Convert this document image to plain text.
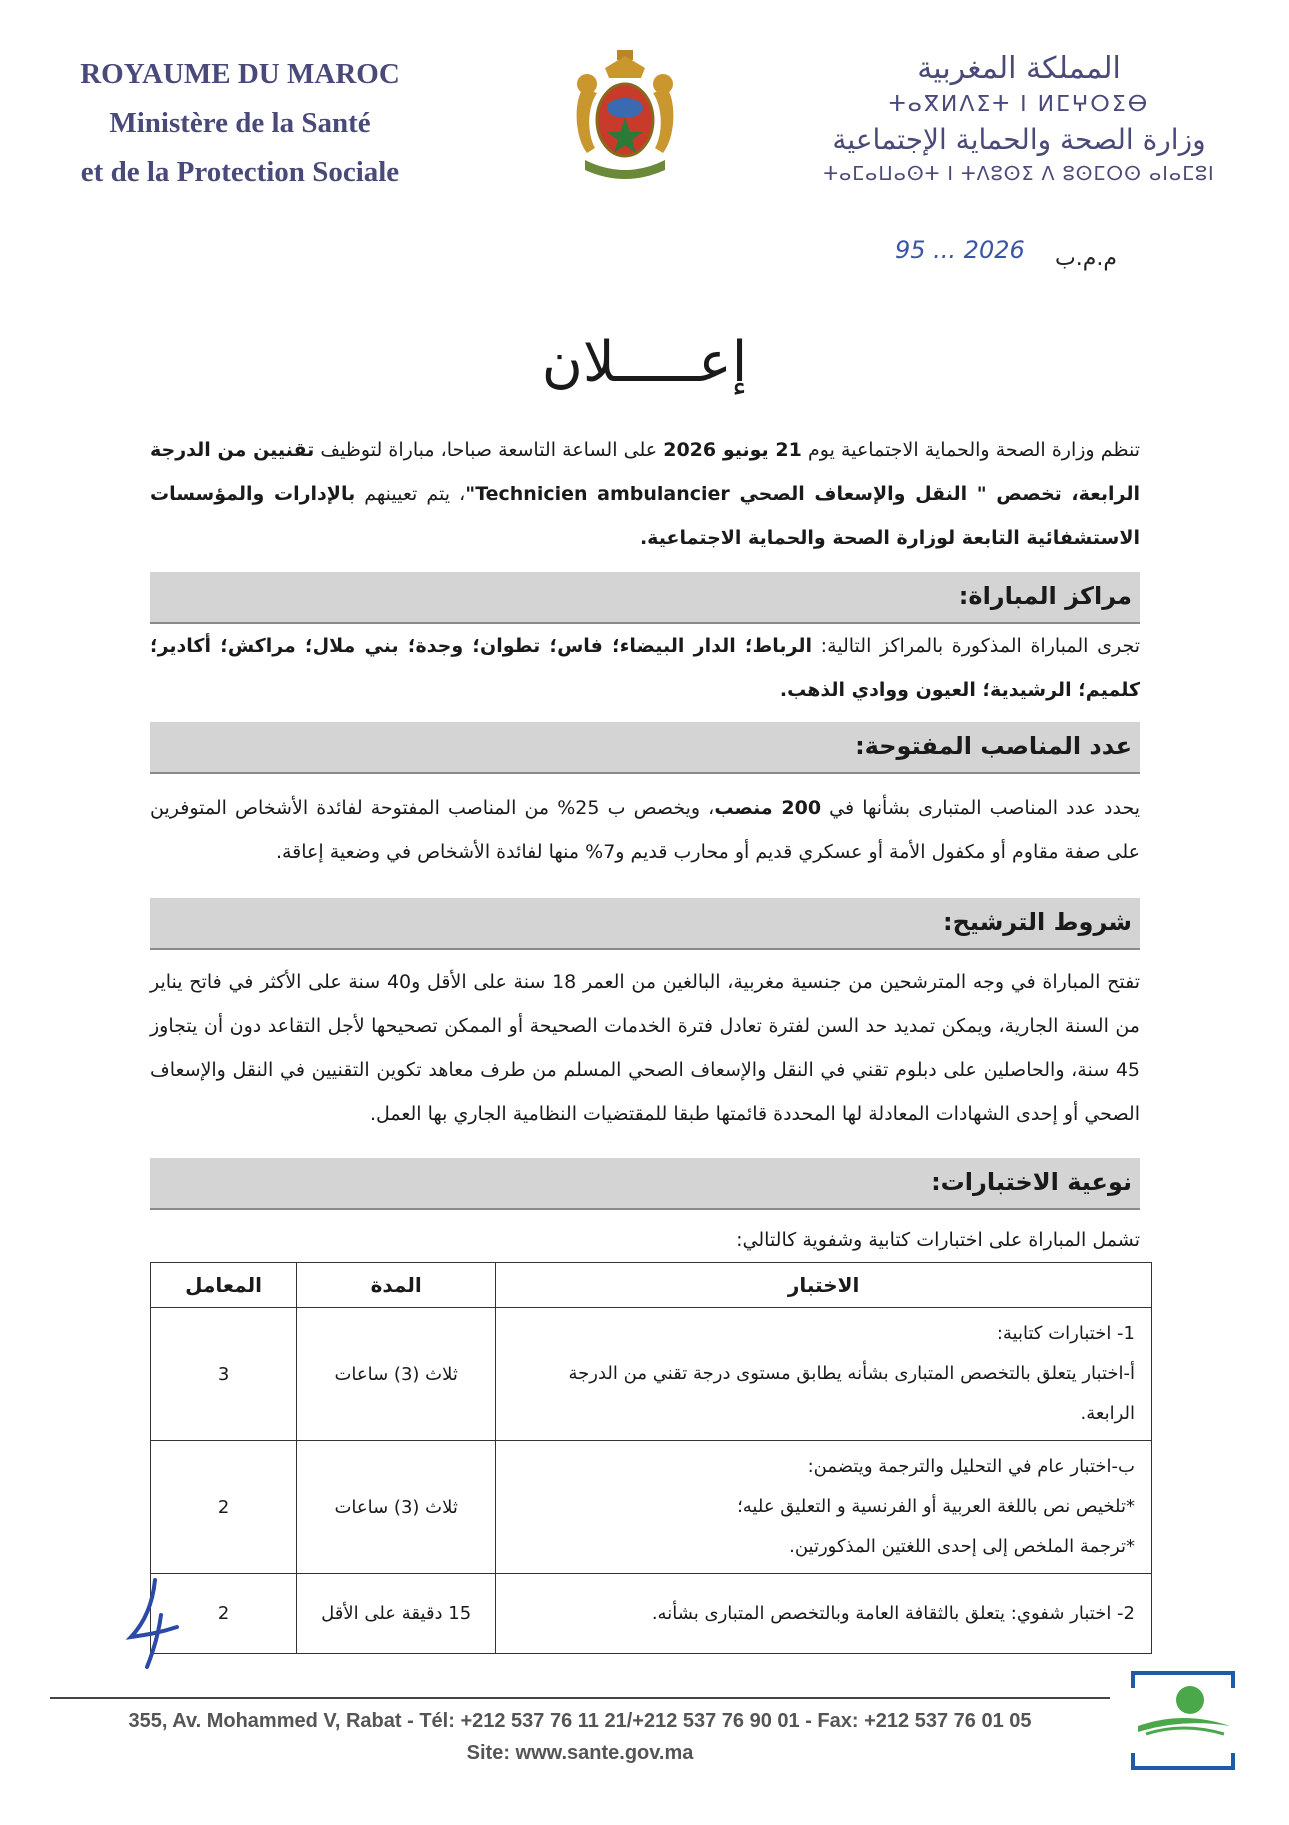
ROYAUME DU MAROC
Ministère de la Santé
et de la Protection Sociale
المملكة المغربية
ⵜⴰⴳⵍⴷⵉⵜ ⵏ ⵍⵎⵖⵔⵉⴱ
وزارة الصحة والحماية الإجتماعية
ⵜⴰⵎⴰⵡⴰⵙⵜ ⵏ ⵜⴷⵓⵙⵉ ⴷ ⵓⵙⵎⵔⵙ ⴰⵏⴰⵎⵓⵏ
95 ... 2026 م.م.ب
إعـــــلان
تنظم وزارة الصحة والحماية الاجتماعية يوم 21 يونيو 2026 على الساعة التاسعة صباحا، مباراة لتوظيف تقنيين من الدرجة الرابعة، تخصص " النقل والإسعاف الصحي Technicien ambulancier"، يتم تعيينهم بالإدارات والمؤسسات الاستشفائية التابعة لوزارة الصحة والحماية الاجتماعية.
مراكز المباراة:
تجرى المباراة المذكورة بالمراكز التالية: الرباط؛ الدار البيضاء؛ فاس؛ تطوان؛ وجدة؛ بني ملال؛ مراكش؛ أكادير؛ كلميم؛ الرشيدية؛ العيون ووادي الذهب.
عدد المناصب المفتوحة:
يحدد عدد المناصب المتبارى بشأنها في 200 منصب، ويخصص ب 25% من المناصب المفتوحة لفائدة الأشخاص المتوفرين على صفة مقاوم أو مكفول الأمة أو عسكري قديم أو محارب قديم و7% منها لفائدة الأشخاص في وضعية إعاقة.
شروط الترشيح:
تفتح المباراة في وجه المترشحين من جنسية مغربية، البالغين من العمر 18 سنة على الأقل و40 سنة على الأكثر في فاتح يناير من السنة الجارية، ويمكن تمديد حد السن لفترة تعادل فترة الخدمات الصحيحة أو الممكن تصحيحها لأجل التقاعد دون أن يتجاوز 45 سنة، والحاصلين على دبلوم تقني في النقل والإسعاف الصحي المسلم من طرف معاهد تكوين التقنيين في النقل والإسعاف الصحي أو إحدى الشهادات المعادلة لها المحددة قائمتها طبقا للمقتضيات النظامية الجاري بها العمل.
نوعية الاختبارات:
تشمل المباراة على اختبارات كتابية وشفوية كالتالي:
الاختبار	المدة	المعامل

1- اختبارات كتابية:
أ-اختبار يتعلق بالتخصص المتبارى بشأنه يطابق مستوى درجة تقني من الدرجة الرابعة.	ثلاث (3) ساعات	3

ب-اختبار عام في التحليل والترجمة ويتضمن:
*تلخيص نص باللغة العربية أو الفرنسية و التعليق عليه؛
*ترجمة الملخص إلى إحدى اللغتين المذكورتين.	ثلاث (3) ساعات	2

2- اختبار شفوي: يتعلق بالثقافة العامة وبالتخصص المتبارى بشأنه.	15 دقيقة على الأقل	2
355, Av. Mohammed V, Rabat - Tél: +212 537 76 11 21/+212 537 76 90 01 - Fax: +212 537 76 01 05
Site: www.sante.gov.ma
